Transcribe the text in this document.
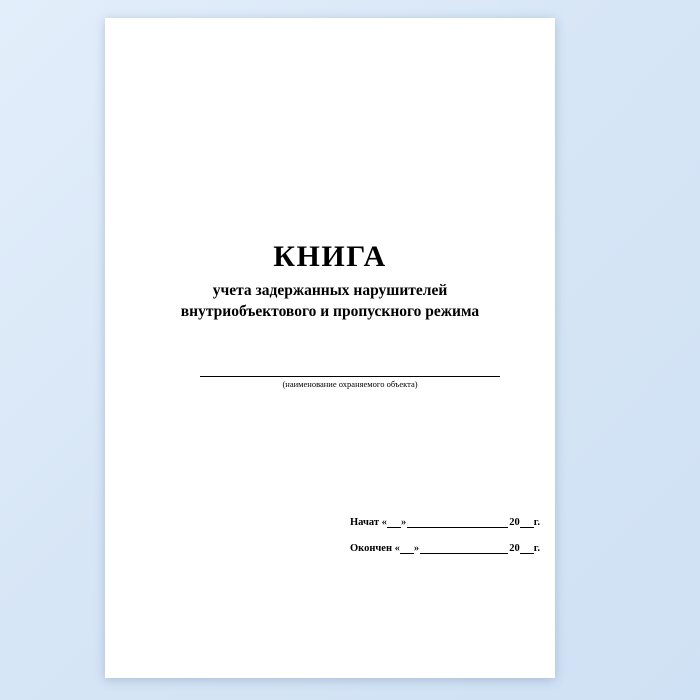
КНИГА
учета задержанных нарушителей
внутриобъектового и пропускного режима
(наименование охраняемого объекта)
Начат « »	20 г.
Окончен « »	20 г.
